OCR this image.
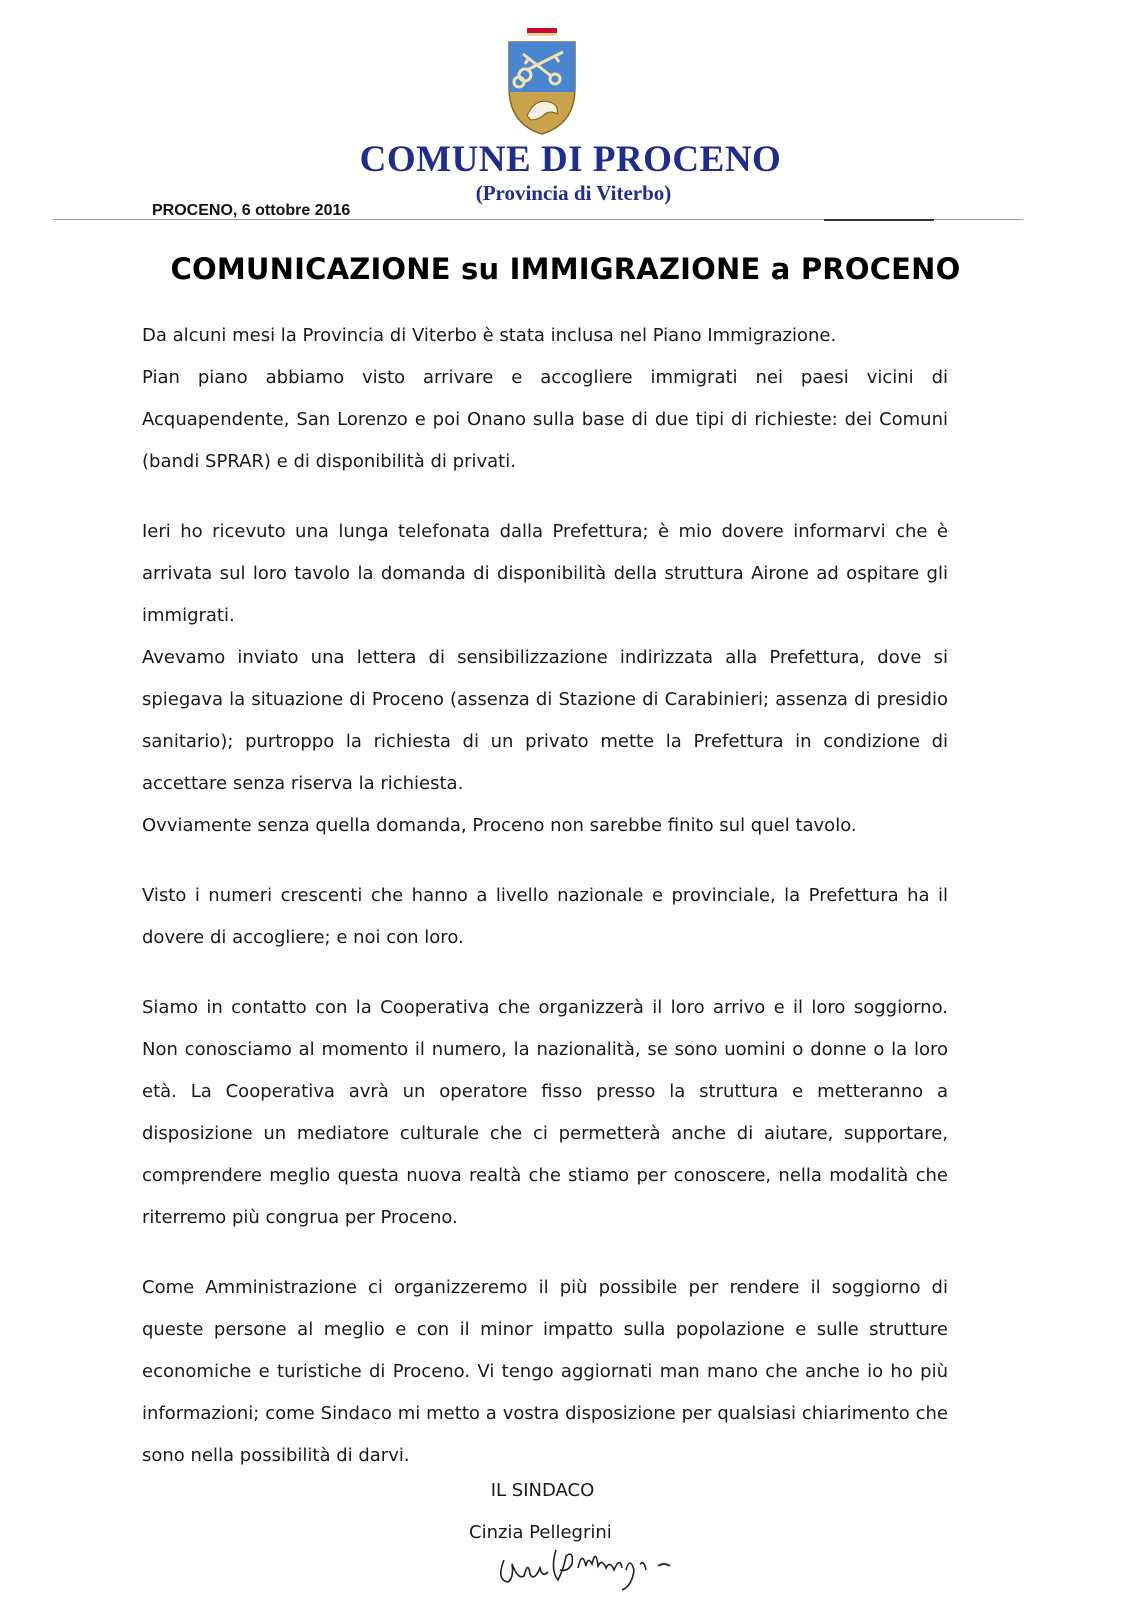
COMUNE DI PROCENO
(Provincia di Viterbo)
PROCENO, 6 ottobre 2016
COMUNICAZIONE su IMMIGRAZIONE a PROCENO

Da alcuni mesi la Provincia di Viterbo è stata inclusa nel Piano Immigrazione.

Pian piano abbiamo visto arrivare e accogliere immigrati nei paesi vicini di Acquapendente, San Lorenzo e poi Onano sulla base di due tipi di richieste: dei Comuni (bandi SPRAR) e di disponibilità di privati.

Ieri ho ricevuto una lunga telefonata dalla Prefettura; è mio dovere informarvi che è arrivata sul loro tavolo la domanda di disponibilità della struttura Airone ad ospitare gli immigrati.

Avevamo inviato una lettera di sensibilizzazione indirizzata alla Prefettura, dove si spiegava la situazione di Proceno (assenza di Stazione di Carabinieri; assenza di presidio sanitario); purtroppo la richiesta di un privato mette la Prefettura in condizione di accettare senza riserva la richiesta.

Ovviamente senza quella domanda, Proceno non sarebbe finito sul quel tavolo.

Visto i numeri crescenti che hanno a livello nazionale e provinciale, la Prefettura ha il dovere di accogliere; e noi con loro.

Siamo in contatto con la Cooperativa che organizzerà il loro arrivo e il loro soggiorno. Non conosciamo al momento il numero, la nazionalità, se sono uomini o donne o la loro età. La Cooperativa avrà un operatore fisso presso la struttura e metteranno a disposizione un mediatore culturale che ci permetterà anche di aiutare, supportare, comprendere meglio questa nuova realtà che stiamo per conoscere, nella modalità che riterremo più congrua per Proceno.

Come Amministrazione ci organizzeremo il più possibile per rendere il soggiorno di queste persone al meglio e con il minor impatto sulla popolazione e sulle strutture economiche e turistiche di Proceno. Vi tengo aggiornati man mano che anche io ho più informazioni; come Sindaco mi metto a vostra disposizione per qualsiasi chiarimento che sono nella possibilità di darvi.

IL SINDACO
Cinzia Pellegrini
